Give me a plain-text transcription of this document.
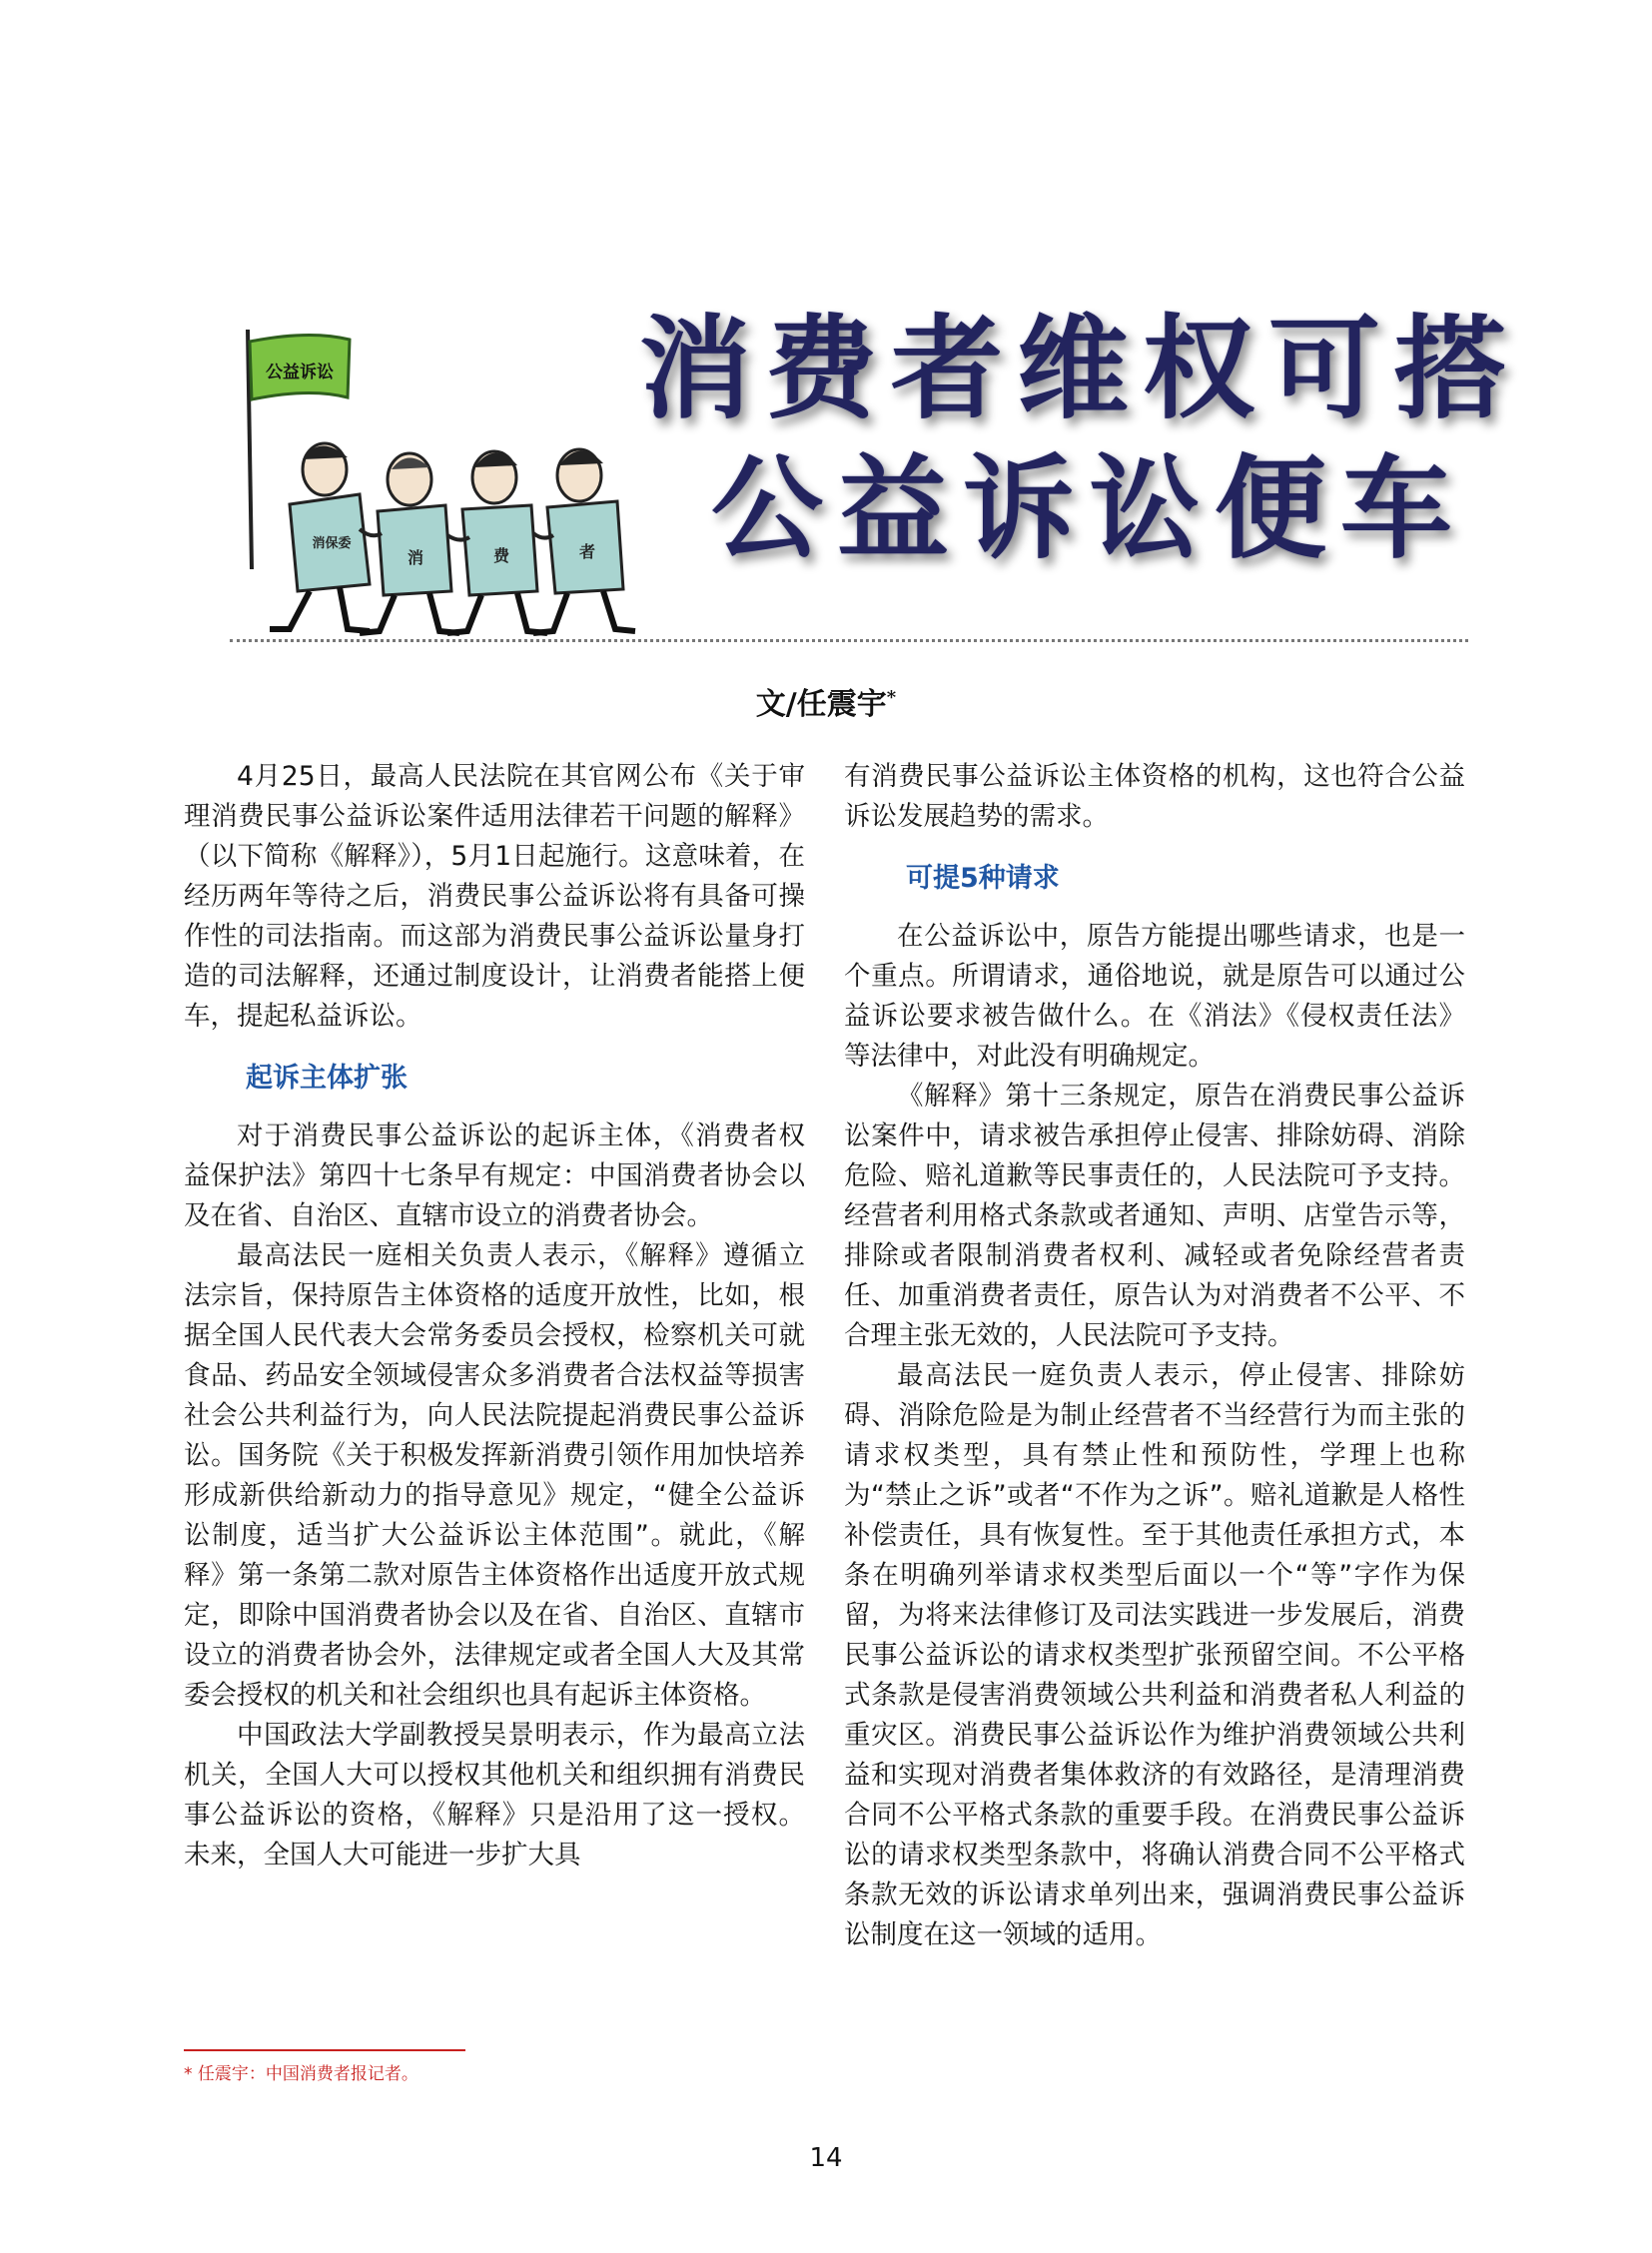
公益诉讼
消保委
消	费	者
消费者维权可搭
公益诉讼便车
文/任震宇*

4月25日，最高人民法院在其官网公布《关于审理消费民事公益诉讼案件适用法律若干问题的解释》（以下简称《解释》），5月1日起施行。这意味着，在经历两年等待之后，消费民事公益诉讼将有具备可操作性的司法指南。而这部为消费民事公益诉讼量身打造的司法解释，还通过制度设计，让消费者能搭上便车，提起私益诉讼。

起诉主体扩张

对于消费民事公益诉讼的起诉主体，《消费者权益保护法》第四十七条早有规定：中国消费者协会以及在省、自治区、直辖市设立的消费者协会。

最高法民一庭相关负责人表示，《解释》遵循立法宗旨，保持原告主体资格的适度开放性，比如，根据全国人民代表大会常务委员会授权，检察机关可就食品、药品安全领域侵害众多消费者合法权益等损害社会公共利益行为，向人民法院提起消费民事公益诉讼。国务院《关于积极发挥新消费引领作用加快培养形成新供给新动力的指导意见》规定，“健全公益诉讼制度，适当扩大公益诉讼主体范围”。就此，《解释》第一条第二款对原告主体资格作出适度开放式规定，即除中国消费者协会以及在省、自治区、直辖市设立的消费者协会外，法律规定或者全国人大及其常委会授权的机关和社会组织也具有起诉主体资格。

中国政法大学副教授吴景明表示，作为最高立法机关，全国人大可以授权其他机关和组织拥有消费民事公益诉讼的资格，《解释》只是沿用了这一授权。未来，全国人大可能进一步扩大具

有消费民事公益诉讼主体资格的机构，这也符合公益诉讼发展趋势的需求。

可提5种请求

在公益诉讼中，原告方能提出哪些请求，也是一个重点。所谓请求，通俗地说，就是原告可以通过公益诉讼要求被告做什么。在《消法》《侵权责任法》等法律中，对此没有明确规定。

《解释》第十三条规定，原告在消费民事公益诉讼案件中，请求被告承担停止侵害、排除妨碍、消除危险、赔礼道歉等民事责任的，人民法院可予支持。经营者利用格式条款或者通知、声明、店堂告示等，排除或者限制消费者权利、减轻或者免除经营者责任、加重消费者责任，原告认为对消费者不公平、不合理主张无效的，人民法院可予支持。

最高法民一庭负责人表示，停止侵害、排除妨碍、消除危险是为制止经营者不当经营行为而主张的请求权类型，具有禁止性和预防性，学理上也称为“禁止之诉”或者“不作为之诉”。赔礼道歉是人格性补偿责任，具有恢复性。至于其他责任承担方式，本条在明确列举请求权类型后面以一个“等”字作为保留，为将来法律修订及司法实践进一步发展后，消费民事公益诉讼的请求权类型扩张预留空间。不公平格式条款是侵害消费领域公共利益和消费者私人利益的重灾区。消费民事公益诉讼作为维护消费领域公共利益和实现对消费者集体救济的有效路径，是清理消费合同不公平格式条款的重要手段。在消费民事公益诉讼的请求权类型条款中，将确认消费合同不公平格式条款无效的诉讼请求单列出来，强调消费民事公益诉讼制度在这一领域的适用。

* 任震宇：中国消费者报记者。
14
